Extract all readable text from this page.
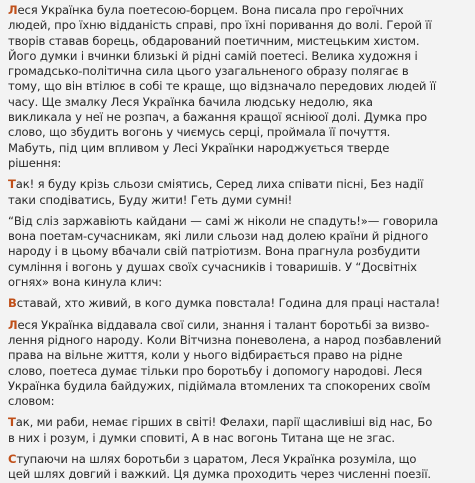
Леся Українка була поетесою-борцем. Вона писала про героїчних
людей, про їхню відданість справі, про їхні поривання до волі. Герой її
творів ставав борець, обдарований поетичним, мистецьким хистом.
Його думки і вчинки близькі й рідні самій поетесі. Велика художня і
громадсько-політична сила цього узагальненого образу полягає в
тому, що він втілює в собі те краще, що відзначало передових людей її
часу. Ще змалку Леся Українка бачила людську недолю, яка
викликала у неї не розпач, а бажання кращої ясніюої долі. Думка про
слово, що збудить вогонь у чиємусь серці, проймала її почуття.
Мабуть, під цим впливом у Лесі Українки народжується тверде
рішення:
Так! я буду крізь сльози сміятись, Серед лиха співати пісні, Без надії
таки сподіватись, Буду жити! Геть думи сумні!
“Від сліз заржавіють кайдани — самі ж ніколи не спадуть!»— говорила
вона поетам-сучасникам, які лили сльози над долею країни й рідного
народу і в цьому вбачали свій патріотизм. Вона прагнула розбудити
сумління і вогонь у душах своїх сучасників і товаришів. У “Досвітніх
огнях» вона кинула клич:
Вставай, хто живий, в кого думка повстала! Година для праці настала!
Леся Українка віддавала свої сили, знання і талант боротьбі за визво-
лення рідного народу. Коли Вітчизна поневолена, а народ позбавлений
права на вільне життя, коли у нього відбирається право на рідне
слово, поетеса думає тільки про боротьбу і допомогу народові. Леся
Українка будила байдужих, підіймала втомлених та спокорених своїм
словом:
Так, ми раби, немає гірших в світі! Фелахи, парії щасливіші від нас, Бо
в них і розум, і думки сповиті, А в нас вогонь Титана ще не згас.
Ступаючи на шлях боротьби з царатом, Леся Українка розуміла, що
цей шлях довгий і важкий. Ця думка проходить через численні поезії.
